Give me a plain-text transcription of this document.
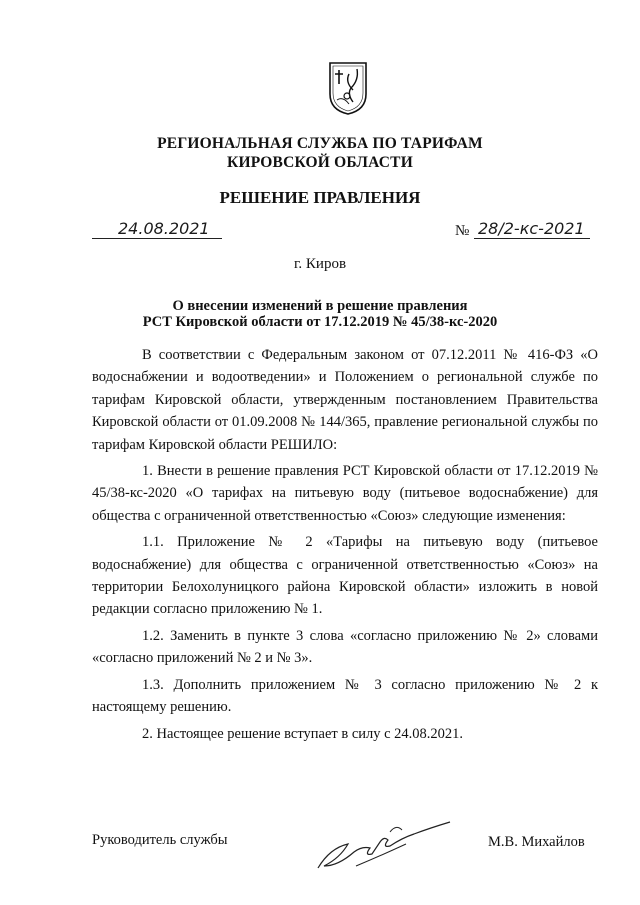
РЕГИОНАЛЬНАЯ СЛУЖБА ПО ТАРИФАМ
КИРОВСКОЙ ОБЛАСТИ
РЕШЕНИЕ ПРАВЛЕНИЯ
24.08.2021	№ 28/2-кс-2021
г. Киров
О внесении изменений в решение правления
РСТ Кировской области от 17.12.2019 № 45/38-кс-2020

В соответствии с Федеральным законом от 07.12.2011 № 416-ФЗ «О водоснабжении и водоотведении» и Положением о региональной службе по тарифам Кировской области, утвержденным постановлением Правительства Кировской области от 01.09.2008 № 144/365, правление региональной службы по тарифам Кировской области РЕШИЛО:

1. Внести в решение правления РСТ Кировской области от 17.12.2019 № 45/38-кс-2020 «О тарифах на питьевую воду (питьевое водоснабжение) для общества с ограниченной ответственностью «Союз» следующие изменения:

1.1. Приложение № 2 «Тарифы на питьевую воду (питьевое водоснабжение) для общества с ограниченной ответственностью «Союз» на территории Белохолуницкого района Кировской области» изложить в новой редакции согласно приложению № 1.

1.2. Заменить в пункте 3 слова «согласно приложению № 2» словами «согласно приложений № 2 и № 3».

1.3. Дополнить приложением № 3 согласно приложению № 2 к настоящему решению.

2. Настоящее решение вступает в силу с 24.08.2021.

Руководитель службы	М.В. Михайлов
